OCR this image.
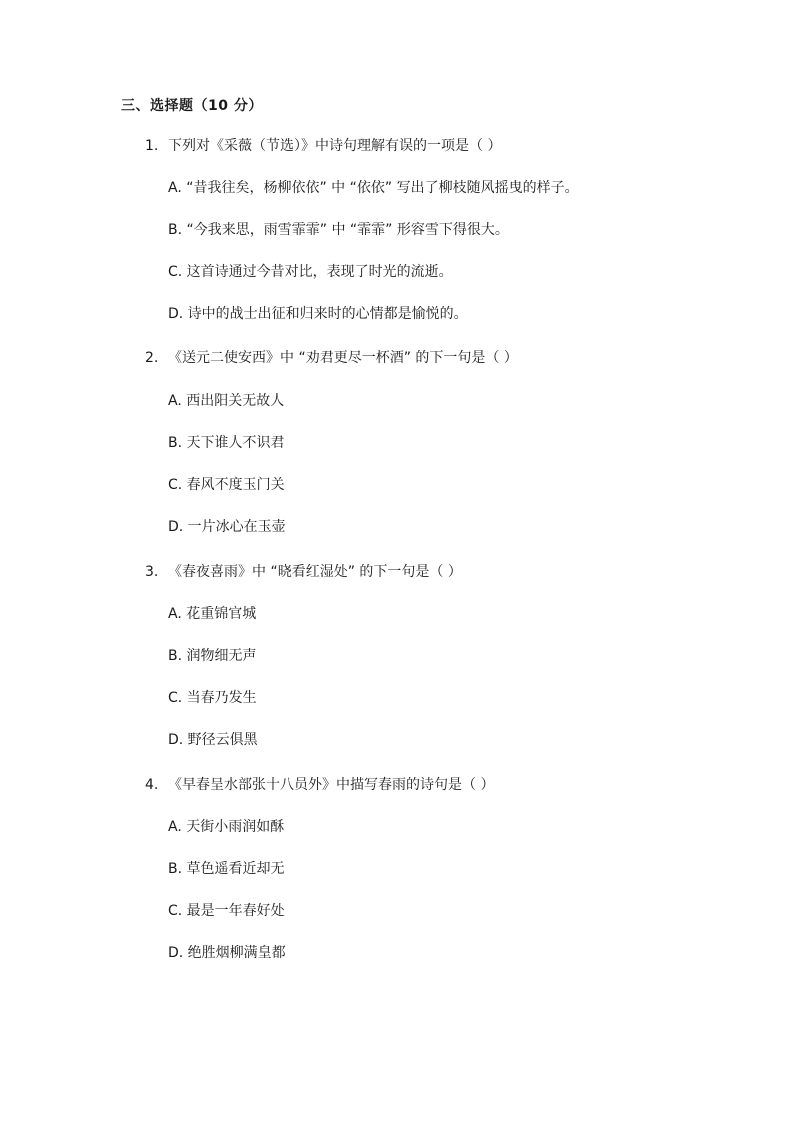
三、选择题（10 分）
1. 下列对《采薇（节选）》中诗句理解有误的一项是（ ）
A. “昔我往矣，杨柳依依” 中 “依依” 写出了柳枝随风摇曳的样子。
B. “今我来思，雨雪霏霏” 中 “霏霏” 形容雪下得很大。
C. 这首诗通过今昔对比，表现了时光的流逝。
D. 诗中的战士出征和归来时的心情都是愉悦的。
2. 《送元二使安西》中 “劝君更尽一杯酒” 的下一句是（ ）
A. 西出阳关无故人
B. 天下谁人不识君
C. 春风不度玉门关
D. 一片冰心在玉壶
3. 《春夜喜雨》中 “晓看红湿处” 的下一句是（ ）
A. 花重锦官城
B. 润物细无声
C. 当春乃发生
D. 野径云俱黑
4. 《早春呈水部张十八员外》中描写春雨的诗句是（ ）
A. 天街小雨润如酥
B. 草色遥看近却无
C. 最是一年春好处
D. 绝胜烟柳满皇都
